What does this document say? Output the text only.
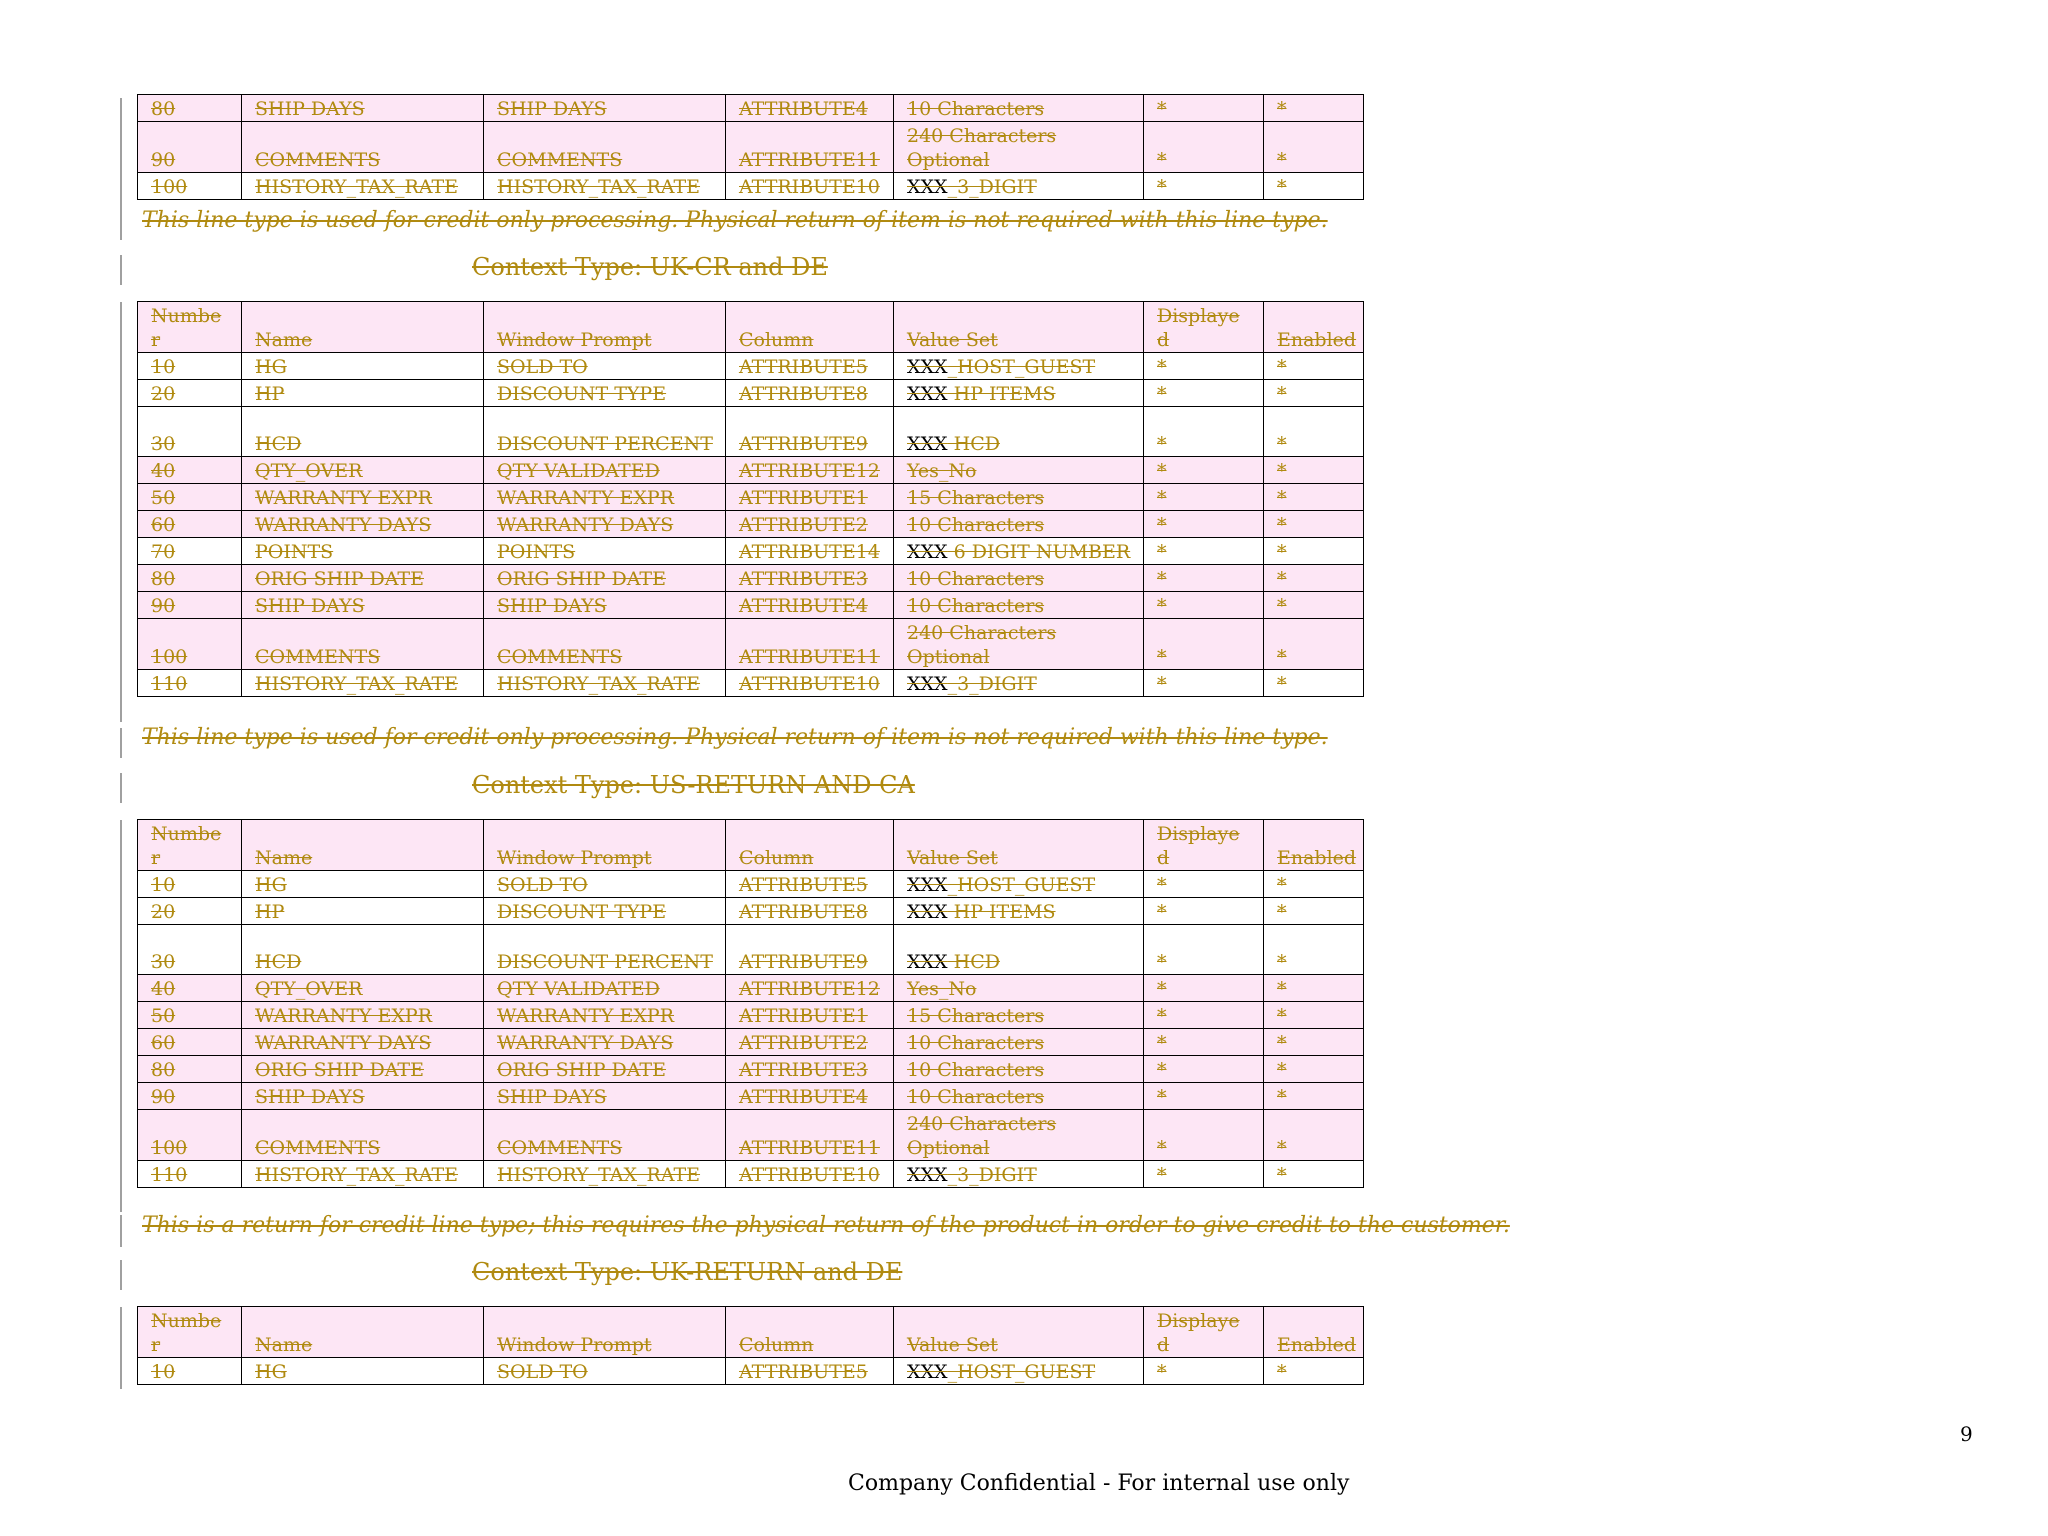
80	SHIP DAYS	SHIP DAYS	ATTRIBUTE4	10 Characters	*	*
90	COMMENTS	COMMENTS	ATTRIBUTE11	240 Characters Optional	*	*
100	HISTORY_TAX_RATE	HISTORY_TAX_RATE	ATTRIBUTE10	XXX_3_DIGIT	*	*
This line type is used for credit only processing. Physical return of item is not required with this line type.
Context Type: UK-CR and DE
Numbe r	Name	Window Prompt	Column	Value Set	Displaye d	Enabled
10	HG	SOLD TO	ATTRIBUTE5	XXX_HOST_GUEST	*	*
20	HP	DISCOUNT TYPE	ATTRIBUTE8	XXX HP ITEMS	*	*
30	HCD	DISCOUNT PERCENT	ATTRIBUTE9	XXX HCD	*	*
40	QTY_OVER	QTY VALIDATED	ATTRIBUTE12	Yes_No	*	*
50	WARRANTY EXPR	WARRANTY EXPR	ATTRIBUTE1	15 Characters	*	*
60	WARRANTY DAYS	WARRANTY DAYS	ATTRIBUTE2	10 Characters	*	*
70	POINTS	POINTS	ATTRIBUTE14	XXX 6 DIGIT NUMBER	*	*
80	ORIG SHIP DATE	ORIG SHIP DATE	ATTRIBUTE3	10 Characters	*	*
90	SHIP DAYS	SHIP DAYS	ATTRIBUTE4	10 Characters	*	*
100	COMMENTS	COMMENTS	ATTRIBUTE11	240 Characters Optional	*	*
110	HISTORY_TAX_RATE	HISTORY_TAX_RATE	ATTRIBUTE10	XXX_3_DIGIT	*	*
This line type is used for credit only processing. Physical return of item is not required with this line type.
Context Type: US-RETURN AND CA
Numbe r	Name	Window Prompt	Column	Value Set	Displaye d	Enabled
10	HG	SOLD TO	ATTRIBUTE5	XXX_HOST_GUEST	*	*
20	HP	DISCOUNT TYPE	ATTRIBUTE8	XXX HP ITEMS	*	*
30	HCD	DISCOUNT PERCENT	ATTRIBUTE9	XXX HCD	*	*
40	QTY_OVER	QTY VALIDATED	ATTRIBUTE12	Yes_No	*	*
50	WARRANTY EXPR	WARRANTY EXPR	ATTRIBUTE1	15 Characters	*	*
60	WARRANTY DAYS	WARRANTY DAYS	ATTRIBUTE2	10 Characters	*	*
80	ORIG SHIP DATE	ORIG SHIP DATE	ATTRIBUTE3	10 Characters	*	*
90	SHIP DAYS	SHIP DAYS	ATTRIBUTE4	10 Characters	*	*
100	COMMENTS	COMMENTS	ATTRIBUTE11	240 Characters Optional	*	*
110	HISTORY_TAX_RATE	HISTORY_TAX_RATE	ATTRIBUTE10	XXX_3_DIGIT	*	*
This is a return for credit line type; this requires the physical return of the product in order to give credit to the customer.
Context Type: UK-RETURN and DE
Numbe r	Name	Window Prompt	Column	Value Set	Displaye d	Enabled
10	HG	SOLD TO	ATTRIBUTE5	XXX_HOST_GUEST	*	*
9
Company Confidential - For internal use only
